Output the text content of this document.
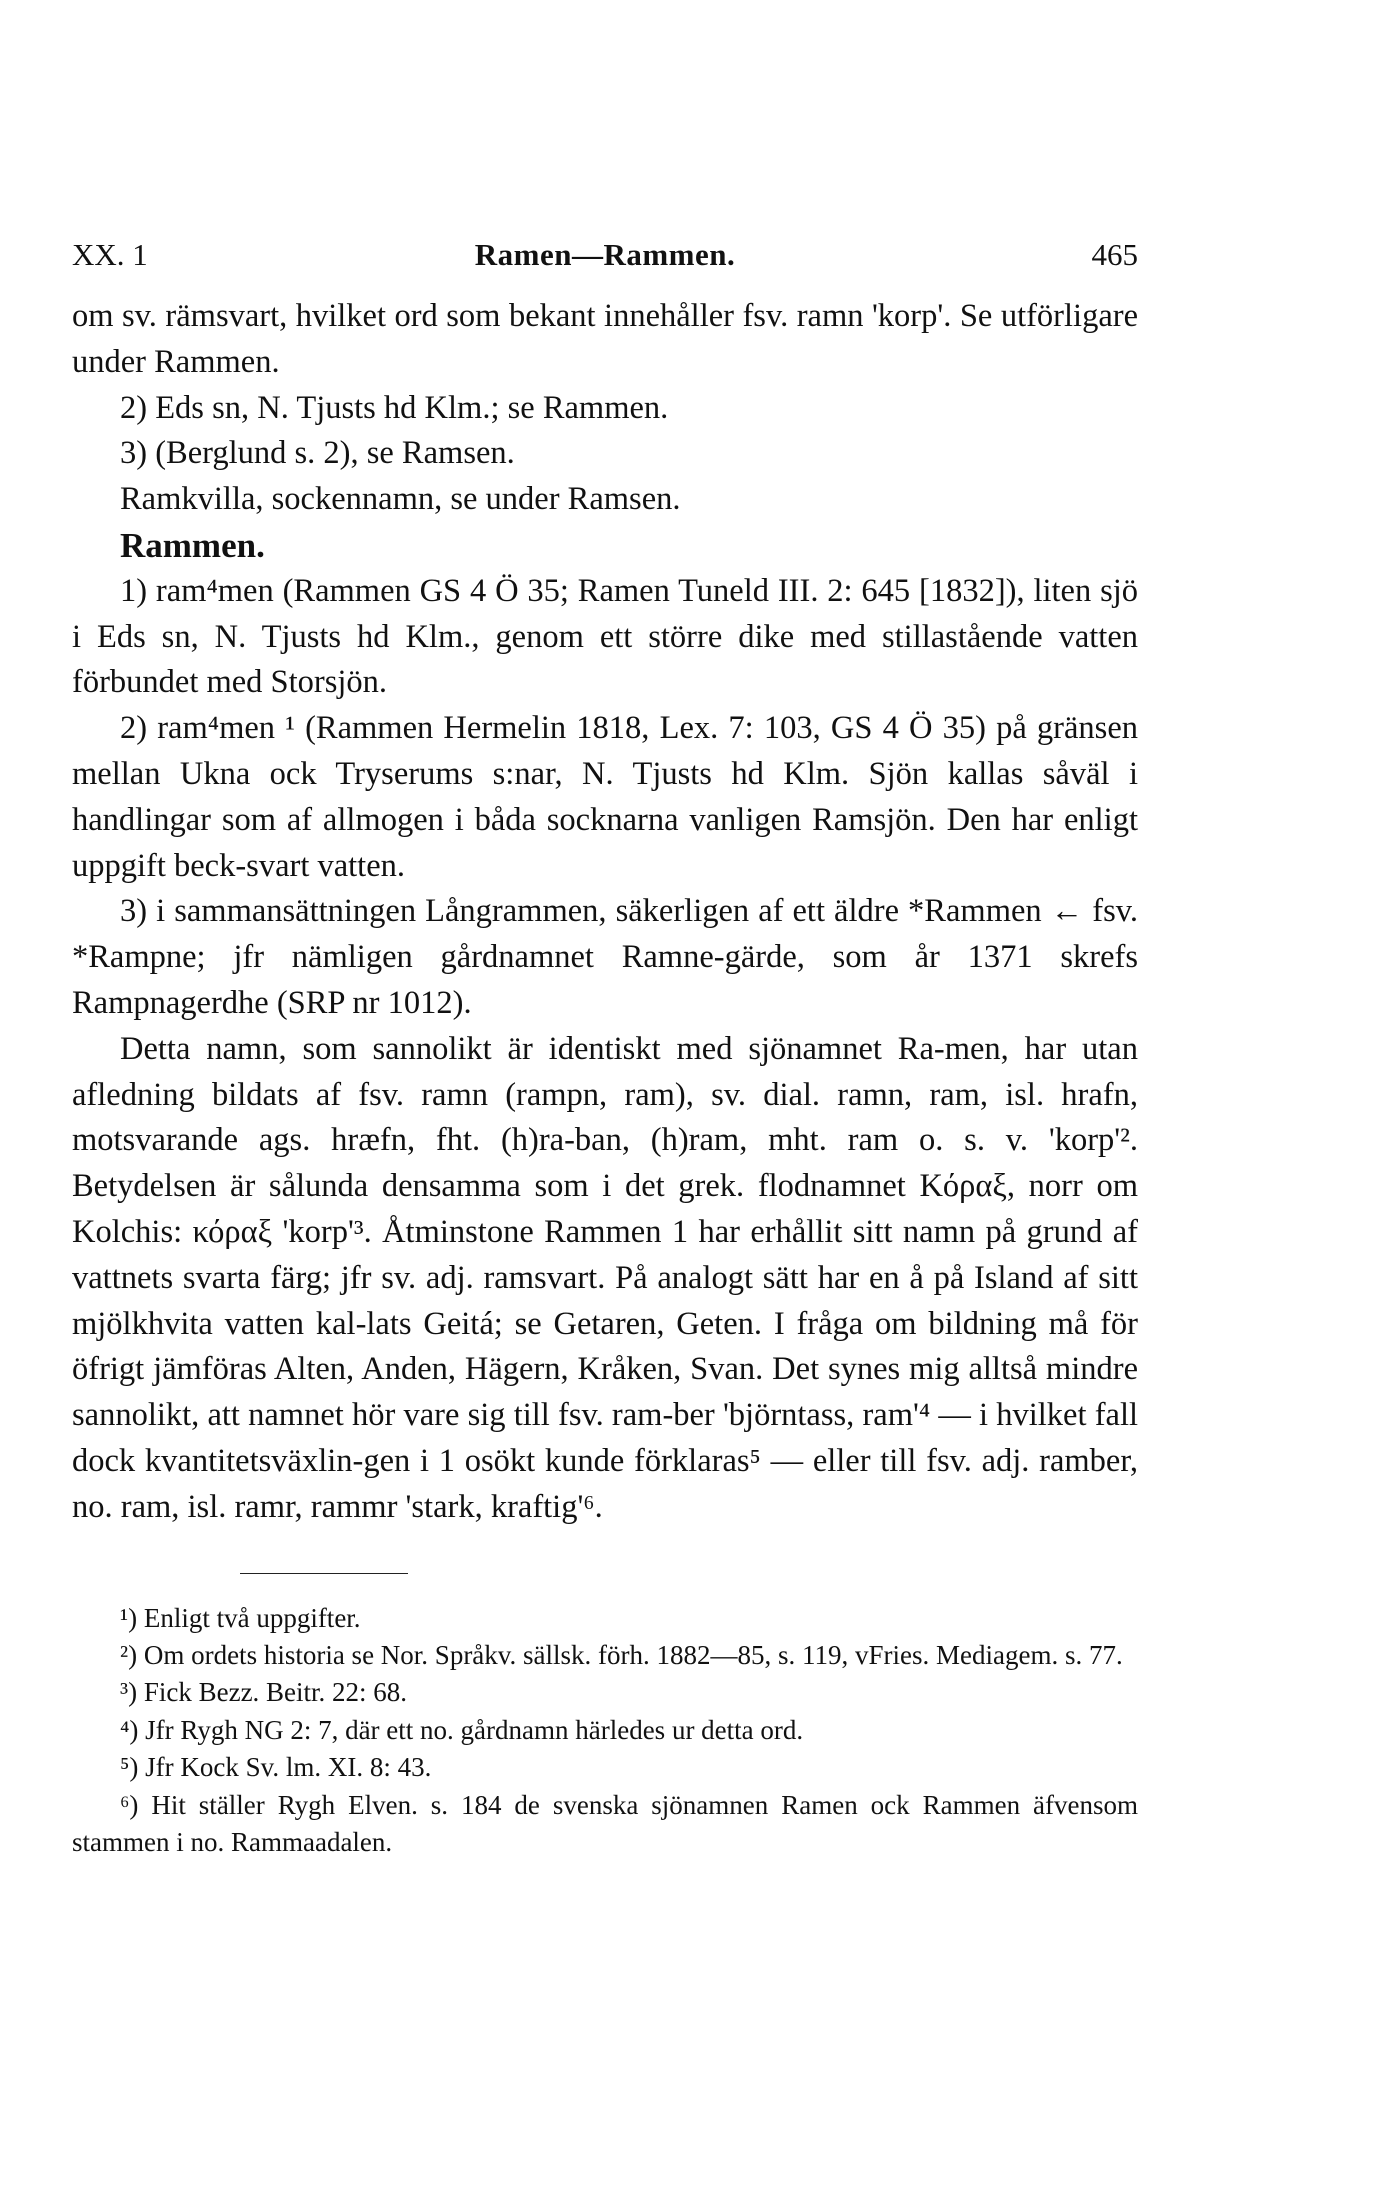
XX. 1	Ramen—Rammen.	465
om sv. rämsvart, hvilket ord som bekant innehåller fsv. ramn 'korp'. Se utförligare under Rammen.
2) Eds sn, N. Tjusts hd Klm.; se Rammen.
3) (Berglund s. 2), se Ramsen.
Ramkvilla, sockennamn, se under Ramsen.
Rammen.
1) ram⁴men (Rammen GS 4 Ö 35; Ramen Tuneld III. 2: 645 [1832]), liten sjö i Eds sn, N. Tjusts hd Klm., genom ett större dike med stillastående vatten förbundet med Storsjön.
2) ram⁴men ¹ (Rammen Hermelin 1818, Lex. 7: 103, GS 4 Ö 35) på gränsen mellan Ukna ock Tryserums s:nar, N. Tjusts hd Klm. Sjön kallas såväl i handlingar som af allmogen i båda socknarna vanligen Ramsjön. Den har enligt uppgift beck-svart vatten.
3) i sammansättningen Långrammen, säkerligen af ett äldre *Rammen ← fsv. *Rampne; jfr nämligen gårdnamnet Ramne-gärde, som år 1371 skrefs Rampnagerdhe (SRP nr 1012).
Detta namn, som sannolikt är identiskt med sjönamnet Ra-men, har utan afledning bildats af fsv. ramn (rampn, ram), sv. dial. ramn, ram, isl. hrafn, motsvarande ags. hræfn, fht. (h)ra-ban, (h)ram, mht. ram o. s. v. 'korp'². Betydelsen är sålunda densamma som i det grek. flodnamnet Κόραξ, norr om Kolchis: κόραξ 'korp'³. Åtminstone Rammen 1 har erhållit sitt namn på grund af vattnets svarta färg; jfr sv. adj. ramsvart. På analogt sätt har en å på Island af sitt mjölkhvita vatten kal-lats Geitá; se Getaren, Geten. I fråga om bildning må för öfrigt jämföras Alten, Anden, Hägern, Kråken, Svan. Det synes mig alltså mindre sannolikt, att namnet hör vare sig till fsv. ram-ber 'björntass, ram'⁴ — i hvilket fall dock kvantitetsväxlin-gen i 1 osökt kunde förklaras⁵ — eller till fsv. adj. ramber, no. ram, isl. ramr, rammr 'stark, kraftig'⁶.
¹) Enligt två uppgifter.
²) Om ordets historia se Nor. Språkv. sällsk. förh. 1882—85, s. 119, vFries. Mediagem. s. 77.
³) Fick Bezz. Beitr. 22: 68.
⁴) Jfr Rygh NG 2: 7, där ett no. gårdnamn härledes ur detta ord.
⁵) Jfr Kock Sv. lm. XI. 8: 43.
⁶) Hit ställer Rygh Elven. s. 184 de svenska sjönamnen Ramen ock Rammen äfvensom stammen i no. Rammaadalen.
